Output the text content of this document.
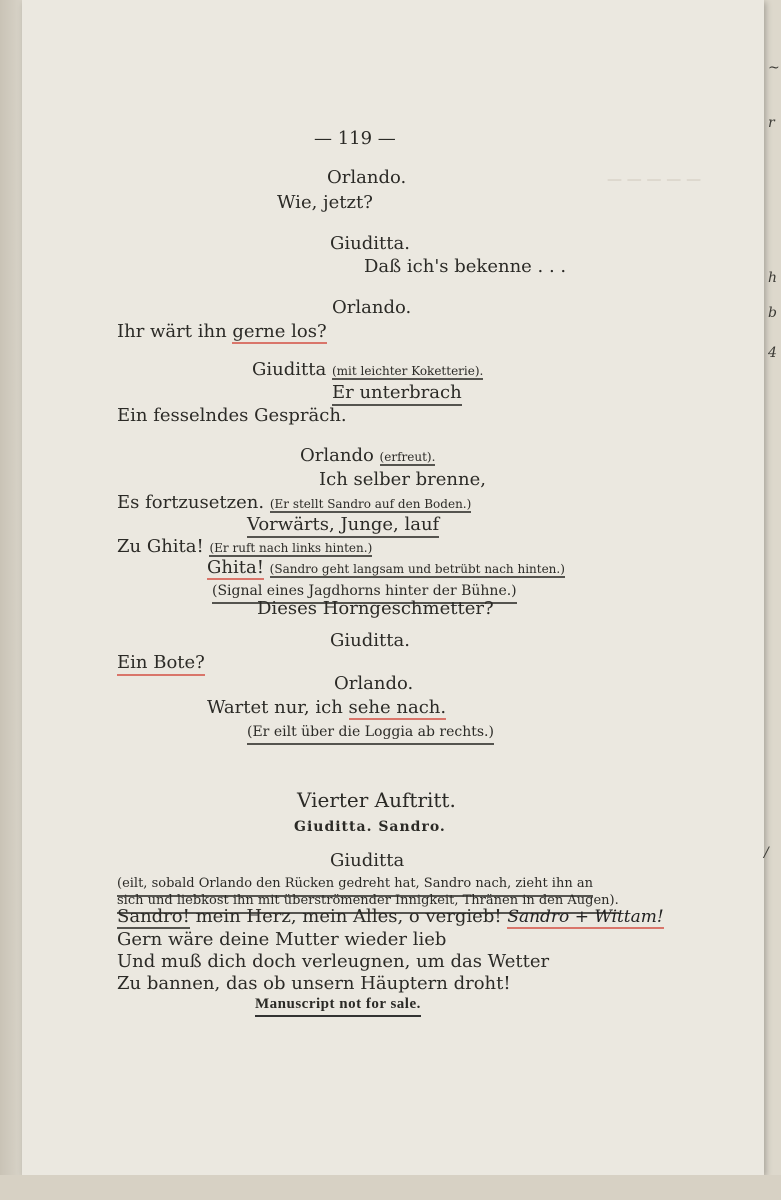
— — — — —
— 119 —
Orlando.
Wie, jetzt?
Giuditta.
Daß ich's bekenne . . .
Orlando.
Ihr wärt ihn gerne los?
Giuditta (mit leichter Koketterie).
Er unterbrach
Ein fesselndes Gespräch.
Orlando (erfreut).
Ich selber brenne,
Es fortzusetzen. (Er stellt Sandro auf den Boden.)
Vorwärts, Junge, lauf
Zu Ghita! (Er ruft nach links hinten.)
Ghita! (Sandro geht langsam und betrübt nach hinten.)
(Signal eines Jagdhorns hinter der Bühne.)
Dieses Horngeschmetter?
Giuditta.
Ein Bote?
Orlando.
Wartet nur, ich sehe nach.
(Er eilt über die Loggia ab rechts.)
Vierter Auftritt.
Giuditta. Sandro.
Giuditta
(eilt, sobald Orlando den Rücken gedreht hat, Sandro nach, zieht ihn an
sich und liebkost ihn mit überströmender Innigkeit, Thränen in den Augen).
Sandro! mein Herz, mein Alles, o vergieb! Sandro + Wittam!
Gern wäre deine Mutter wieder lieb
Und muß dich doch verleugnen, um das Wetter
Zu bannen, das ob unsern Häuptern droht!
Manuscript not for sale.
~
r
h
b
4
/
